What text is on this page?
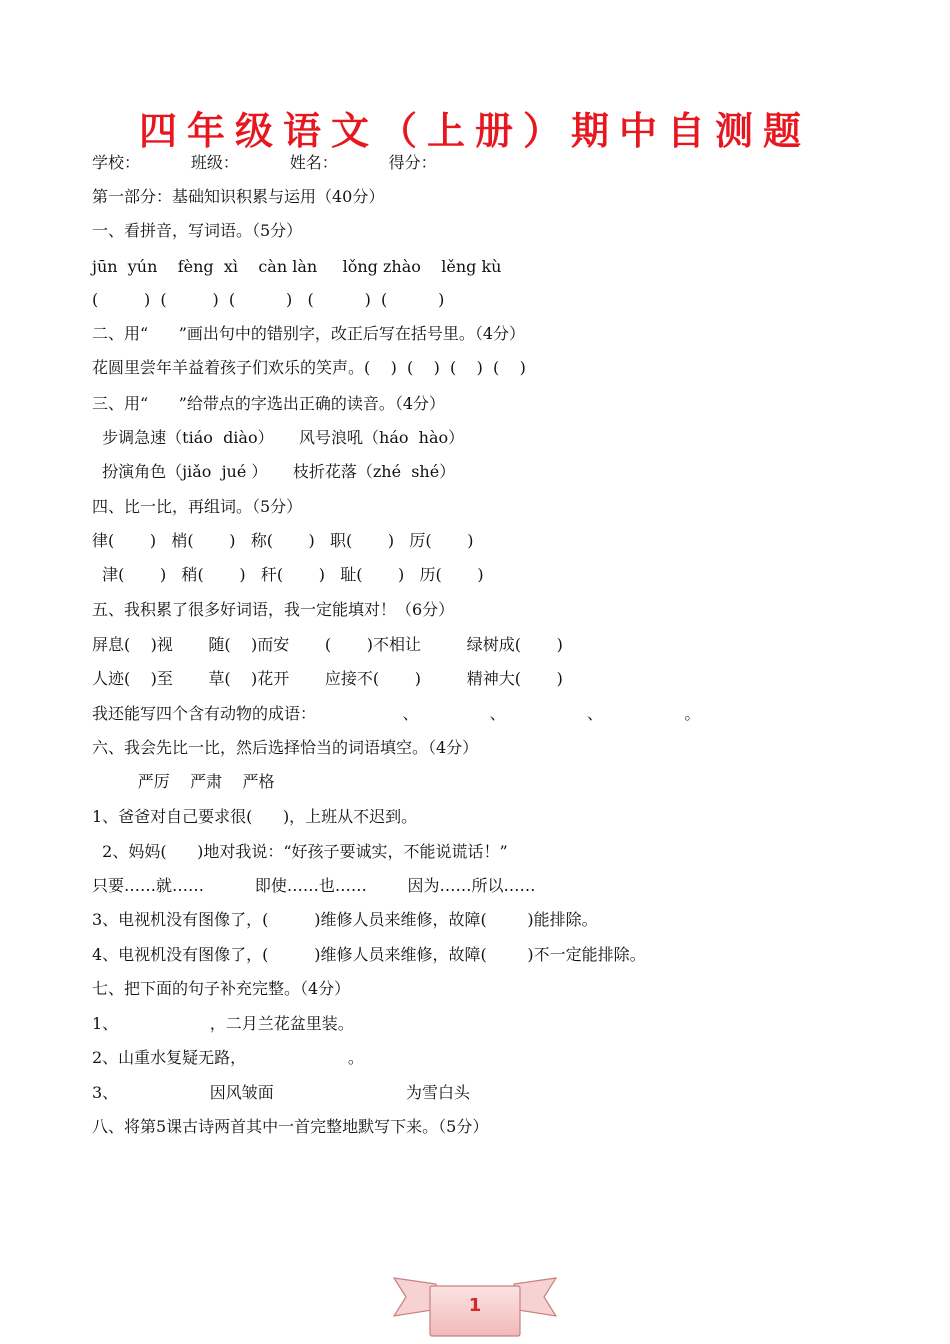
四年级语文（上册）期中自测题
学校：          班级：          姓名：          得分：
第一部分：基础知识积累与运用（40分）
一、看拼音，写词语。（5分）
jūn  yún    fèng  xì    càn làn     lǒng zhào    lěng kù
(         )  (         )  (          )   (          )  (          )
二、用“      ”画出句中的错别字，改正后写在括号里。（4分）
花圆里尝年羊益着孩子们欢乐的笑声。(    )  (    )  (    )  (    )
三、用“      ”给带点的字选出正确的读音。（4分）
步调急速（tiáo  diào）     风号浪吼（háo  hào）
扮演角色（jiǎo  jué ）     枝折花落（zhé  shé）
四、比一比，再组词。（5分）
律(       )   梢(       )   称(       )   职(       )   厉(       )
津(       )   稍(       )   秆(       )   耻(       )   历(       )
五、我积累了很多好词语，我一定能填对！（6分）
屏息(    )视       随(    )而安       (       )不相让         绿树成(       )
人迹(    )至       草(    )花开       应接不(       )         精神大(       )
我还能写四个含有动物的成语：                 、              、                、                。
六、我会先比一比，然后选择恰当的词语填空。（4分）
严厉    严肃    严格
1、爸爸对自己要求很(      )，上班从不迟到。
2、妈妈(      )地对我说：“好孩子要诚实，不能说谎话！”
只要……就……          即使……也……        因为……所以……
3、电视机没有图像了，(         )维修人员来维修，故障(        )能排除。
4、电视机没有图像了，(         )维修人员来维修，故障(        )不一定能排除。
七、把下面的句子补充完整。（4分）
1、                  ，二月兰花盆里装。
2、山重水复疑无路，                    。
3、                  因风皱面                          为雪白头
八、将第5课古诗两首其中一首完整地默写下来。（5分）
1
